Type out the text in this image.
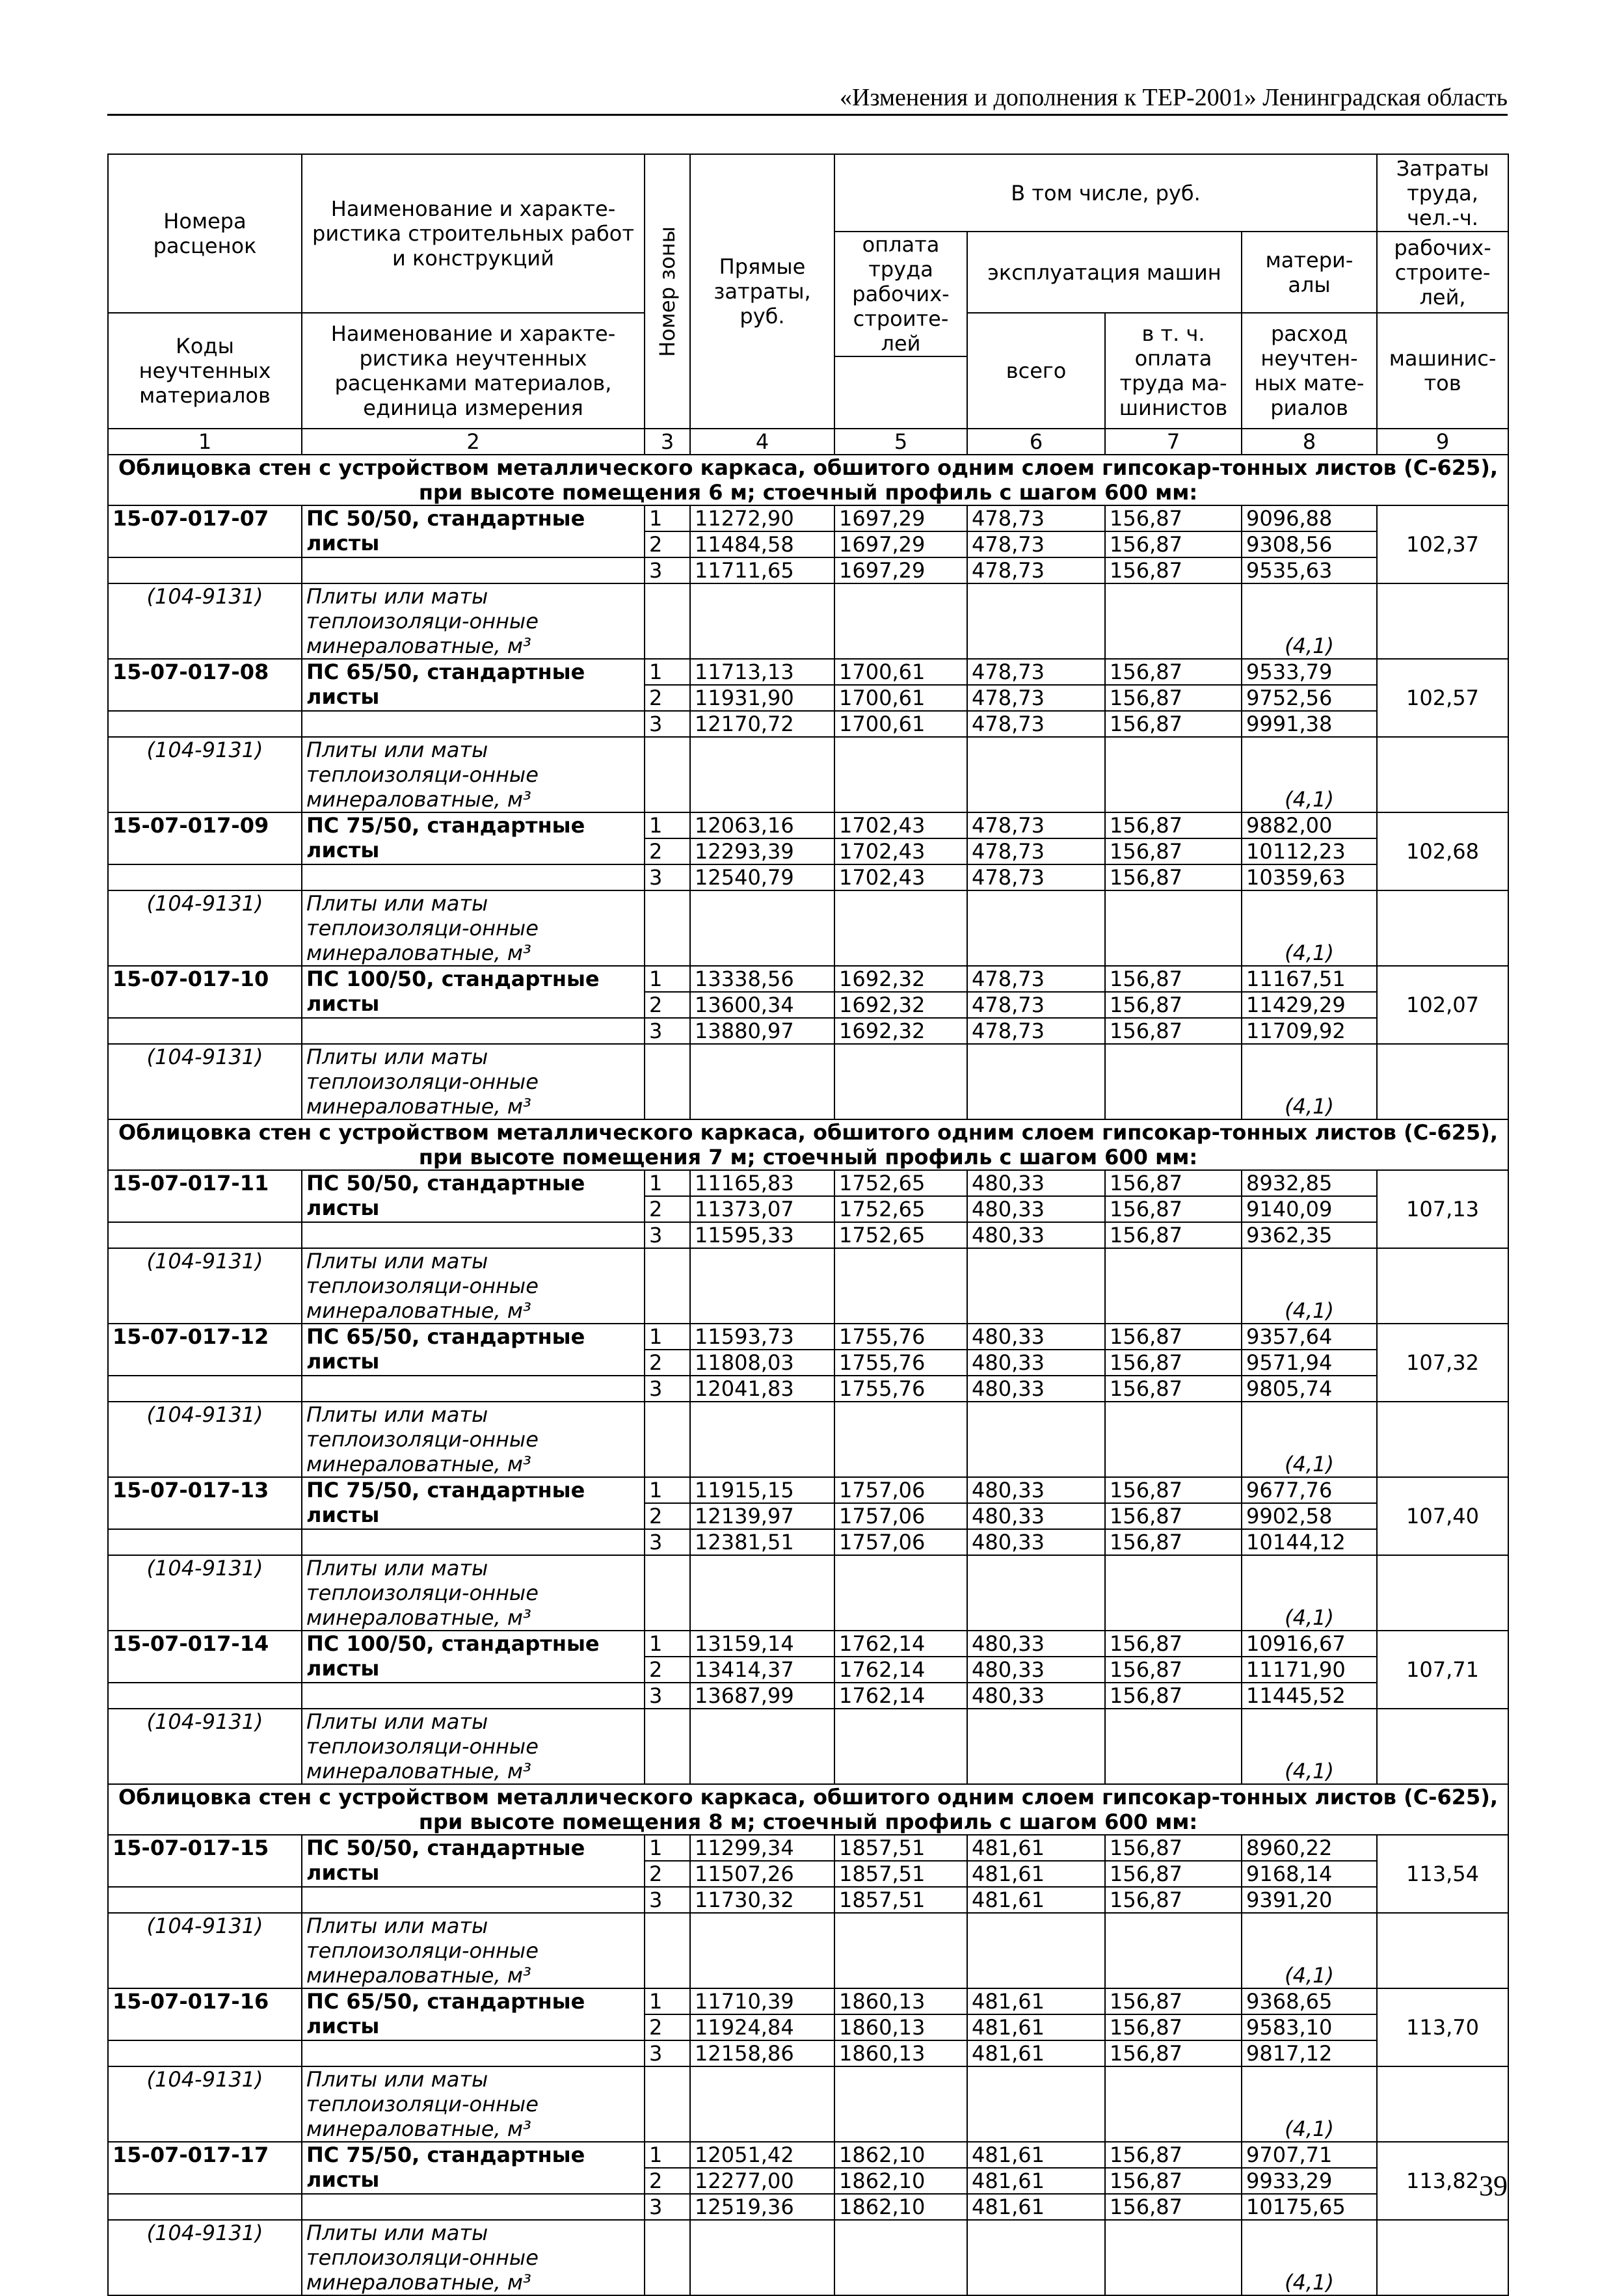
«Изменения и дополнения к ТЕР-2001» Ленинградская область
Номера расценок	Наименование и характе-ристика строительных работ и конструкций	Номер зоны	Прямые затраты, руб.	В том числе, руб.				Затраты труда, чел.-ч.
				оплата труда рабочих-строите-лей	эксплуатация машин		матери-алы	рабочих-строите-лей,
Коды неучтенных материалов	Наименование и характе-ристика неучтенных расценками материалов, единица измерения				всего	в т. ч. оплата труда ма-шинистов	расход неучтен-ных мате-риалов	машинис-тов

1	2	3	4	5	6	7	8	9
Облицовка стен с устройством металлического каркаса, обшитого одним слоем гипсокар-тонных листов (С-625), при высоте помещения 6 м; стоечный профиль с шагом 600 мм:								
15-07-017-07	ПС 50/50, стандартные листы	1	11272,90	1697,29	478,73	156,87	9096,88	102,37
		2	11484,58	1697,29	478,73	156,87	9308,56	
		3	11711,65	1697,29	478,73	156,87	9535,63	
(104-9131)	Плиты или маты теплоизоляци-онные минераловатные, м³						(4,1)	
15-07-017-08	ПС 65/50, стандартные листы	1	11713,13	1700,61	478,73	156,87	9533,79	102,57
		2	11931,90	1700,61	478,73	156,87	9752,56	
		3	12170,72	1700,61	478,73	156,87	9991,38	
(104-9131)	Плиты или маты теплоизоляци-онные минераловатные, м³						(4,1)	
15-07-017-09	ПС 75/50, стандартные листы	1	12063,16	1702,43	478,73	156,87	9882,00	102,68
		2	12293,39	1702,43	478,73	156,87	10112,23	
		3	12540,79	1702,43	478,73	156,87	10359,63	
(104-9131)	Плиты или маты теплоизоляци-онные минераловатные, м³						(4,1)	
15-07-017-10	ПС 100/50, стандартные листы	1	13338,56	1692,32	478,73	156,87	11167,51	102,07
		2	13600,34	1692,32	478,73	156,87	11429,29	
		3	13880,97	1692,32	478,73	156,87	11709,92	
(104-9131)	Плиты или маты теплоизоляци-онные минераловатные, м³						(4,1)	
Облицовка стен с устройством металлического каркаса, обшитого одним слоем гипсокар-тонных листов (С-625), при высоте помещения 7 м; стоечный профиль с шагом 600 мм:								
15-07-017-11	ПС 50/50, стандартные листы	1	11165,83	1752,65	480,33	156,87	8932,85	107,13
		2	11373,07	1752,65	480,33	156,87	9140,09	
		3	11595,33	1752,65	480,33	156,87	9362,35	
(104-9131)	Плиты или маты теплоизоляци-онные минераловатные, м³						(4,1)	
15-07-017-12	ПС 65/50, стандартные листы	1	11593,73	1755,76	480,33	156,87	9357,64	107,32
		2	11808,03	1755,76	480,33	156,87	9571,94	
		3	12041,83	1755,76	480,33	156,87	9805,74	
(104-9131)	Плиты или маты теплоизоляци-онные минераловатные, м³						(4,1)	
15-07-017-13	ПС 75/50, стандартные листы	1	11915,15	1757,06	480,33	156,87	9677,76	107,40
		2	12139,97	1757,06	480,33	156,87	9902,58	
		3	12381,51	1757,06	480,33	156,87	10144,12	
(104-9131)	Плиты или маты теплоизоляци-онные минераловатные, м³						(4,1)	
15-07-017-14	ПС 100/50, стандартные листы	1	13159,14	1762,14	480,33	156,87	10916,67	107,71
		2	13414,37	1762,14	480,33	156,87	11171,90	
		3	13687,99	1762,14	480,33	156,87	11445,52	
(104-9131)	Плиты или маты теплоизоляци-онные минераловатные, м³						(4,1)	
Облицовка стен с устройством металлического каркаса, обшитого одним слоем гипсокар-тонных листов (С-625), при высоте помещения 8 м; стоечный профиль с шагом 600 мм:								
15-07-017-15	ПС 50/50, стандартные листы	1	11299,34	1857,51	481,61	156,87	8960,22	113,54
		2	11507,26	1857,51	481,61	156,87	9168,14	
		3	11730,32	1857,51	481,61	156,87	9391,20	
(104-9131)	Плиты или маты теплоизоляци-онные минераловатные, м³						(4,1)	
15-07-017-16	ПС 65/50, стандартные листы	1	11710,39	1860,13	481,61	156,87	9368,65	113,70
		2	11924,84	1860,13	481,61	156,87	9583,10	
		3	12158,86	1860,13	481,61	156,87	9817,12	
(104-9131)	Плиты или маты теплоизоляци-онные минераловатные, м³						(4,1)	
15-07-017-17	ПС 75/50, стандартные листы	1	12051,42	1862,10	481,61	156,87	9707,71	113,82
		2	12277,00	1862,10	481,61	156,87	9933,29	
		3	12519,36	1862,10	481,61	156,87	10175,65	
(104-9131)	Плиты или маты теплоизоляци-онные минераловатные, м³						(4,1)	
39
